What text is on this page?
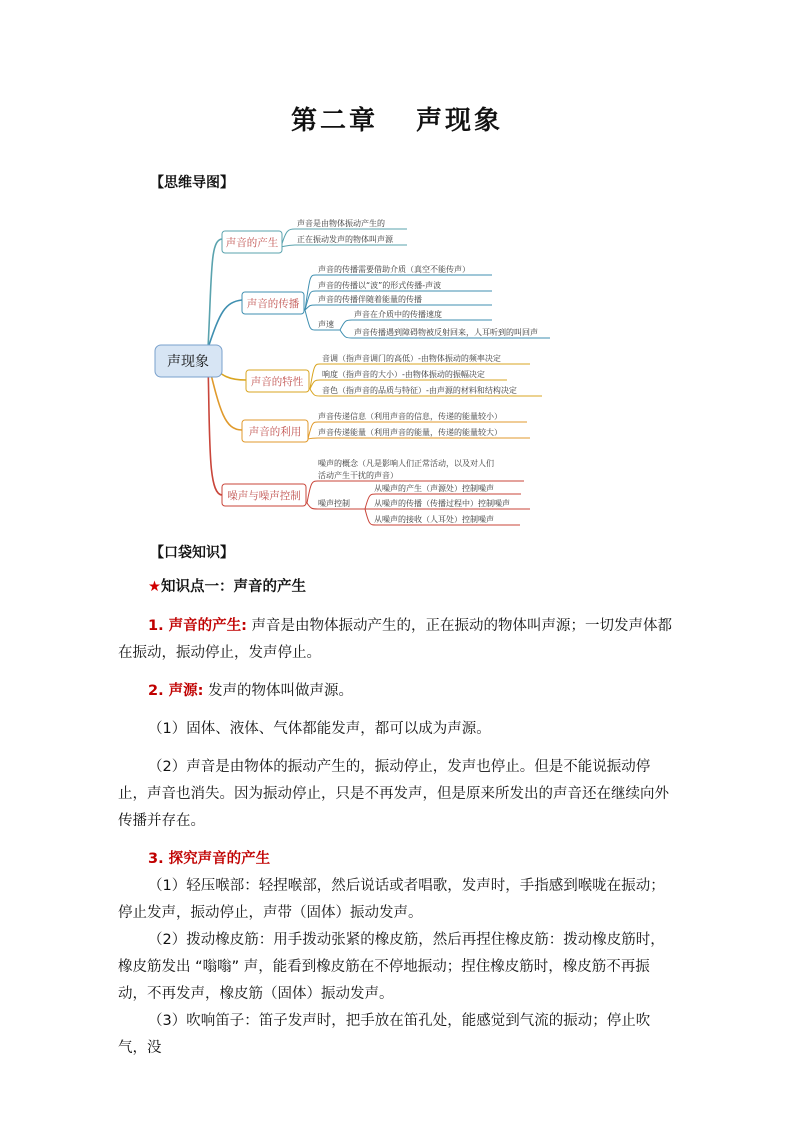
第二章 声现象
【思维导图】
声现象
声音的产生
声音的传播
声音的特性
声音的利用
噪声与噪声控制
声音是由物体振动产生的
正在振动发声的物体叫声源
声音的传播需要借助介质（真空不能传声）
声音的传播以“波”的形式传播-声波
声音的传播伴随着能量的传播
声速
声音在介质中的传播速度
声音传播遇到障碍物被反射回来，人耳听到的叫回声
音调（指声音调门的高低）-由物体振动的频率决定
响度（指声音的大小）-由物体振动的振幅决定
音色（指声音的品质与特征）-由声源的材料和结构决定
声音传递信息（利用声音的信息，传递的能量较小）
声音传递能量（利用声音的能量，传递的能量较大）
噪声的概念（凡是影响人们正常活动，以及对人们
活动产生干扰的声音）
噪声控制
从噪声的产生（声源处）控制噪声
从噪声的传播（传播过程中）控制噪声
从噪声的接收（人耳处）控制噪声
【口袋知识】

★知识点一：声音的产生

1. 声音的产生: 声音是由物体振动产生的，正在振动的物体叫声源；一切发声体都在振动，振动停止，发声停止。

2. 声源: 发声的物体叫做声源。

（1）固体、液体、气体都能发声，都可以成为声源。

（2）声音是由物体的振动产生的，振动停止，发声也停止。但是不能说振动停止，声音也消失。因为振动停止，只是不再发声，但是原来所发出的声音还在继续向外传播并存在。

3. 探究声音的产生

（1）轻压喉部：轻捏喉部，然后说话或者唱歌，发声时，手指感到喉咙在振动；停止发声，振动停止，声带（固体）振动发声。

（2）拨动橡皮筋：用手拨动张紧的橡皮筋，然后再捏住橡皮筋：拨动橡皮筋时，橡皮筋发出 “嗡嗡” 声，能看到橡皮筋在不停地振动；捏住橡皮筋时，橡皮筋不再振动，不再发声，橡皮筋（固体）振动发声。

（3）吹响笛子：笛子发声时，把手放在笛孔处，能感觉到气流的振动；停止吹气，没
